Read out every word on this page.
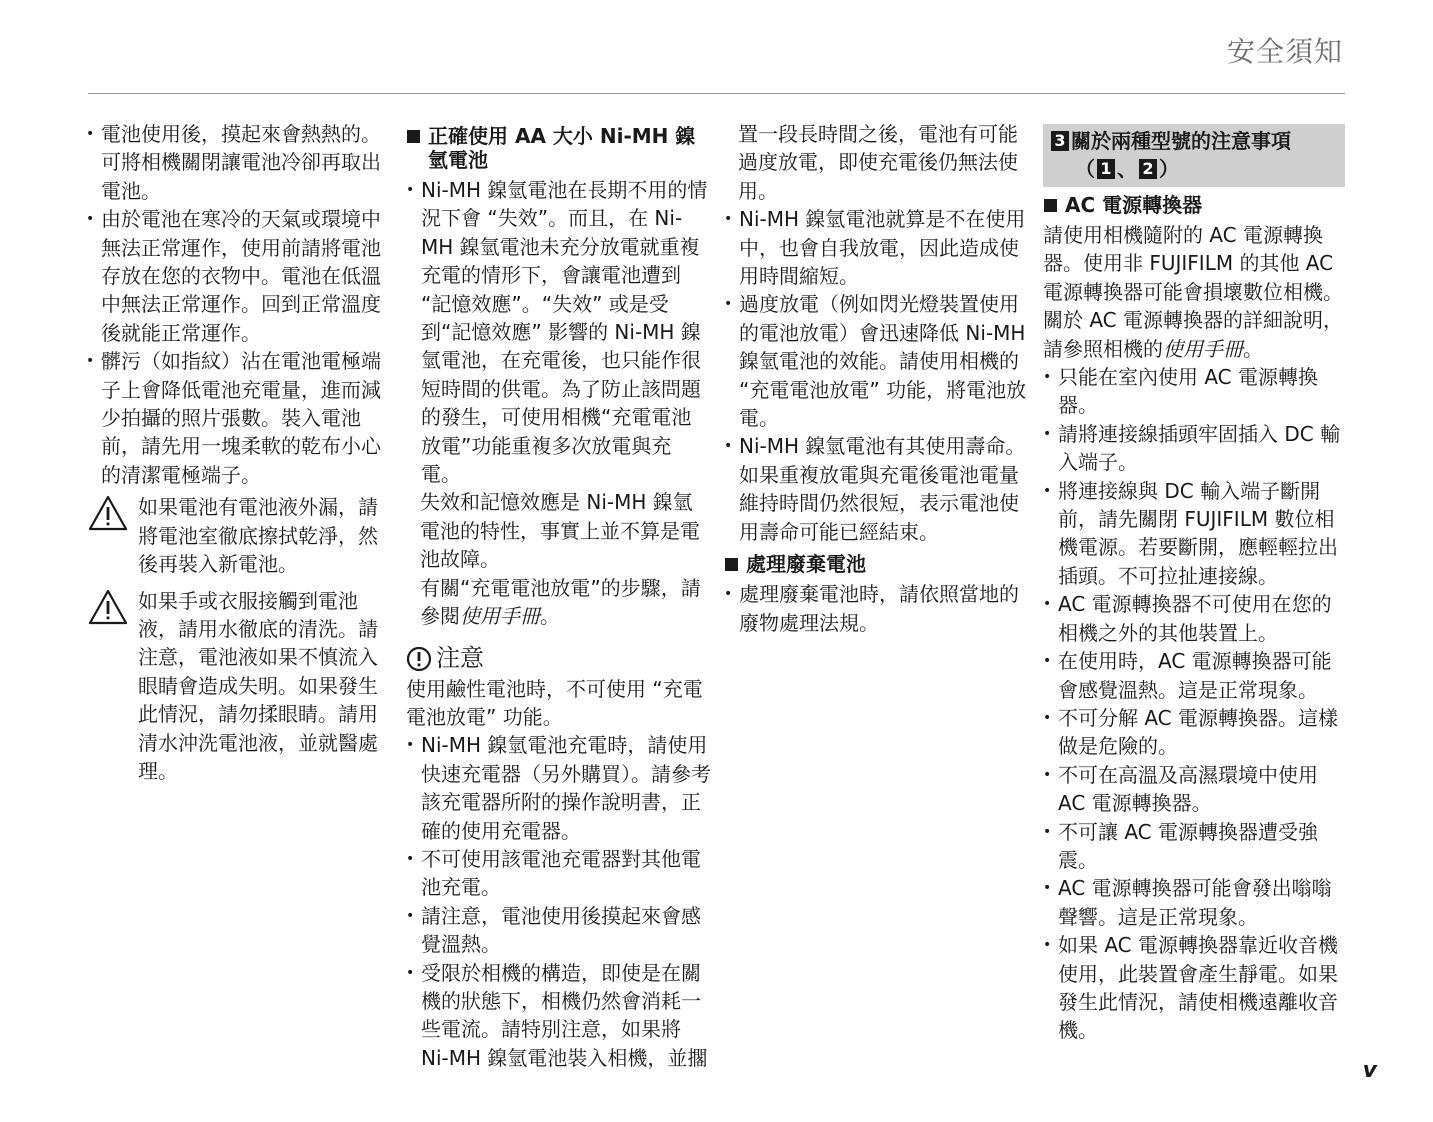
安全須知

• 電池使用後，摸起來會熱熱的。可將相機關閉讓電池冷卻再取出電池。

• 由於電池在寒冷的天氣或環境中無法正常運作，使用前請將電池存放在您的衣物中。電池在低溫中無法正常運作。回到正常溫度後就能正常運作。

• 髒污（如指紋）沾在電池電極端子上會降低電池充電量，進而減少拍攝的照片張數。裝入電池前，請先用一塊柔軟的乾布小心的清潔電極端子。

如果電池有電池液外漏，請將電池室徹底擦拭乾淨，然後再裝入新電池。

如果手或衣服接觸到電池液，請用水徹底的清洗。請注意，電池液如果不慎流入眼睛會造成失明。如果發生此情況，請勿揉眼睛。請用清水沖洗電池液，並就醫處理。

正確使用 AA 大小 Ni-MH 鎳氫電池

• Ni-MH 鎳氫電池在長期不用的情況下會 “失效”。而且，在 Ni-MH 鎳氫電池未充分放電就重複充電的情形下，會讓電池遭到 “記憶效應”。“失效” 或是受到“記憶效應” 影響的 Ni-MH 鎳氫電池，在充電後，也只能作很短時間的供電。為了防止該問題的發生，可使用相機“充電電池放電”功能重複多次放電與充電。

失效和記憶效應是 Ni-MH 鎳氫電池的特性，事實上並不算是電池故障。

有關“充電電池放電”的步驟，請參閱使用手冊。

注意

使用鹼性電池時，不可使用 “充電電池放電” 功能。

• Ni-MH 鎳氫電池充電時，請使用快速充電器（另外購買）。請參考該充電器所附的操作說明書，正確的使用充電器。

• 不可使用該電池充電器對其他電池充電。

• 請注意，電池使用後摸起來會感覺溫熱。

• 受限於相機的構造，即使是在關機的狀態下，相機仍然會消耗一些電流。請特別注意，如果將 Ni-MH 鎳氫電池裝入相機，並擱

置一段長時間之後，電池有可能過度放電，即使充電後仍無法使用。

• Ni-MH 鎳氫電池就算是不在使用中，也會自我放電，因此造成使用時間縮短。

• 過度放電（例如閃光燈裝置使用的電池放電）會迅速降低 Ni-MH 鎳氫電池的效能。請使用相機的 “充電電池放電” 功能，將電池放電。

• Ni-MH 鎳氫電池有其使用壽命。如果重複放電與充電後電池電量維持時間仍然很短，表示電池使用壽命可能已經結束。

處理廢棄電池

• 處理廢棄電池時，請依照當地的廢物處理法規。

3 關於兩種型號的注意事項
（ 1 、 2 ）
AC 電源轉換器

請使用相機隨附的 AC 電源轉換器。使用非 FUJIFILM 的其他 AC 電源轉換器可能會損壞數位相機。關於 AC 電源轉換器的詳細說明，請參照相機的使用手冊。

• 只能在室內使用 AC 電源轉換器。

• 請將連接線插頭牢固插入 DC 輸入端子。

• 將連接線與 DC 輸入端子斷開前，請先關閉 FUJIFILM 數位相機電源。若要斷開，應輕輕拉出插頭。不可拉扯連接線。

• AC 電源轉換器不可使用在您的相機之外的其他裝置上。

• 在使用時，AC 電源轉換器可能會感覺溫熱。這是正常現象。

• 不可分解 AC 電源轉換器。這樣做是危險的。

• 不可在高溫及高濕環境中使用 AC 電源轉換器。

• 不可讓 AC 電源轉換器遭受強震。

• AC 電源轉換器可能會發出嗡嗡聲響。這是正常現象。

• 如果 AC 電源轉換器靠近收音機使用，此裝置會產生靜電。如果發生此情況，請使相機遠離收音機。

v
